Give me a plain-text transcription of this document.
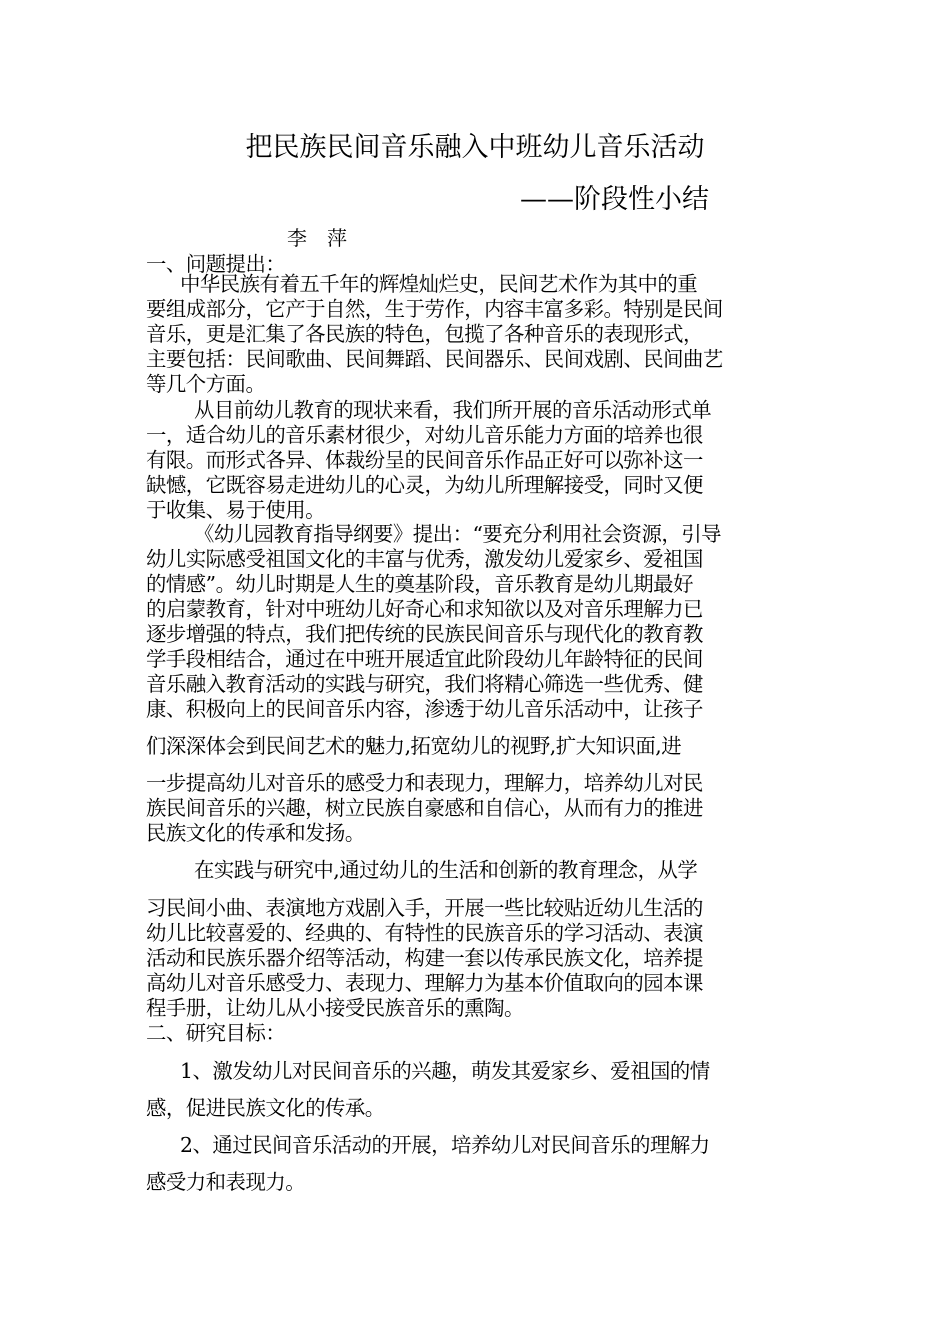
把民族民间音乐融入中班幼儿音乐活动
——阶段性小结
李　萍
一、问题提出：
中华民族有着五千年的辉煌灿烂史，民间艺术作为其中的重
要组成部分，它产于自然，生于劳作，内容丰富多彩。特别是民间
音乐，更是汇集了各民族的特色，包揽了各种音乐的表现形式，
主要包括：民间歌曲、民间舞蹈、民间器乐、民间戏剧、民间曲艺
等几个方面。
从目前幼儿教育的现状来看，我们所开展的音乐活动形式单
一，适合幼儿的音乐素材很少，对幼儿音乐能力方面的培养也很
有限。而形式各异、体裁纷呈的民间音乐作品正好可以弥补这一
缺憾，它既容易走进幼儿的心灵，为幼儿所理解接受，同时又便
于收集、易于使用。
《幼儿园教育指导纲要》提出：“要充分利用社会资源，引导
幼儿实际感受祖国文化的丰富与优秀，激发幼儿爱家乡、爱祖国
的情感”。幼儿时期是人生的奠基阶段，音乐教育是幼儿期最好
的启蒙教育，针对中班幼儿好奇心和求知欲以及对音乐理解力已
逐步增强的特点，我们把传统的民族民间音乐与现代化的教育教
学手段相结合，通过在中班开展适宜此阶段幼儿年龄特征的民间
音乐融入教育活动的实践与研究，我们将精心筛选一些优秀、健
康、积极向上的民间音乐内容，渗透于幼儿音乐活动中，让孩子
们深深体会到民间艺术的魅力,拓宽幼儿的视野,扩大知识面,进
一步提高幼儿对音乐的感受力和表现力，理解力，培养幼儿对民
族民间音乐的兴趣，树立民族自豪感和自信心，从而有力的推进
民族文化的传承和发扬。
在实践与研究中,通过幼儿的生活和创新的教育理念，从学
习民间小曲、表演地方戏剧入手，开展一些比较贴近幼儿生活的
幼儿比较喜爱的、经典的、有特性的民族音乐的学习活动、表演
活动和民族乐器介绍等活动，构建一套以传承民族文化，培养提
高幼儿对音乐感受力、表现力、理解力为基本价值取向的园本课
程手册，让幼儿从小接受民族音乐的熏陶。
二、研究目标：
1、激发幼儿对民间音乐的兴趣，萌发其爱家乡、爱祖国的情
感，促进民族文化的传承。
2、通过民间音乐活动的开展，培养幼儿对民间音乐的理解力
感受力和表现力。
